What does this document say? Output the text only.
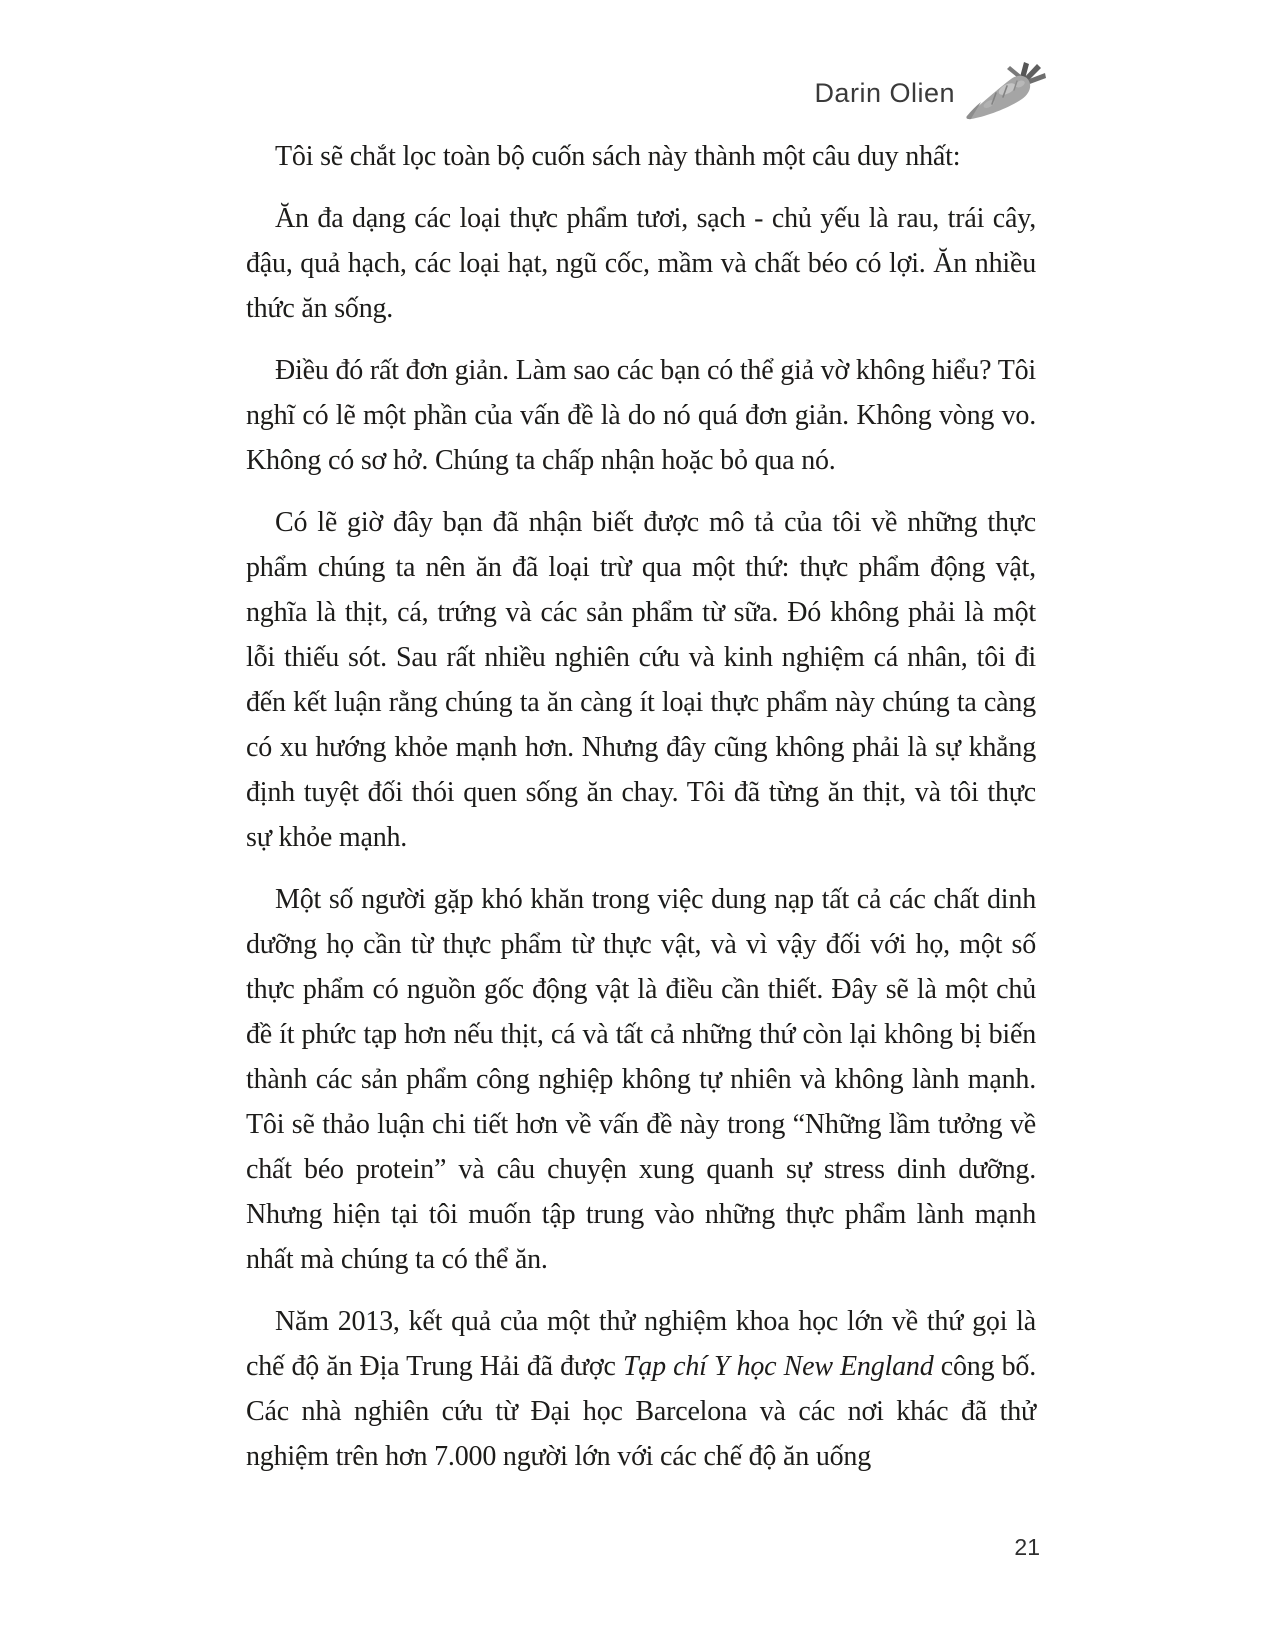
Darin Olien

Tôi sẽ chắt lọc toàn bộ cuốn sách này thành một câu duy nhất:

Ăn đa dạng các loại thực phẩm tươi, sạch - chủ yếu là rau, trái cây, đậu, quả hạch, các loại hạt, ngũ cốc, mầm và chất béo có lợi. Ăn nhiều thức ăn sống.

Điều đó rất đơn giản. Làm sao các bạn có thể giả vờ không hiểu? Tôi nghĩ có lẽ một phần của vấn đề là do nó quá đơn giản. Không vòng vo. Không có sơ hở. Chúng ta chấp nhận hoặc bỏ qua nó.

Có lẽ giờ đây bạn đã nhận biết được mô tả của tôi về những thực phẩm chúng ta nên ăn đã loại trừ qua một thứ: thực phẩm động vật, nghĩa là thịt, cá, trứng và các sản phẩm từ sữa. Đó không phải là một lỗi thiếu sót. Sau rất nhiều nghiên cứu và kinh nghiệm cá nhân, tôi đi đến kết luận rằng chúng ta ăn càng ít loại thực phẩm này chúng ta càng có xu hướng khỏe mạnh hơn. Nhưng đây cũng không phải là sự khẳng định tuyệt đối thói quen sống ăn chay. Tôi đã từng ăn thịt, và tôi thực sự khỏe mạnh.

Một số người gặp khó khăn trong việc dung nạp tất cả các chất dinh dưỡng họ cần từ thực phẩm từ thực vật, và vì vậy đối với họ, một số thực phẩm có nguồn gốc động vật là điều cần thiết. Đây sẽ là một chủ đề ít phức tạp hơn nếu thịt, cá và tất cả những thứ còn lại không bị biến thành các sản phẩm công nghiệp không tự nhiên và không lành mạnh. Tôi sẽ thảo luận chi tiết hơn về vấn đề này trong “Những lầm tưởng về chất béo protein” và câu chuyện xung quanh sự stress dinh dưỡng. Nhưng hiện tại tôi muốn tập trung vào những thực phẩm lành mạnh nhất mà chúng ta có thể ăn.

Năm 2013, kết quả của một thử nghiệm khoa học lớn về thứ gọi là chế độ ăn Địa Trung Hải đã được Tạp chí Y học New England công bố. Các nhà nghiên cứu từ Đại học Barcelona và các nơi khác đã thử nghiệm trên hơn 7.000 người lớn với các chế độ ăn uống

21
